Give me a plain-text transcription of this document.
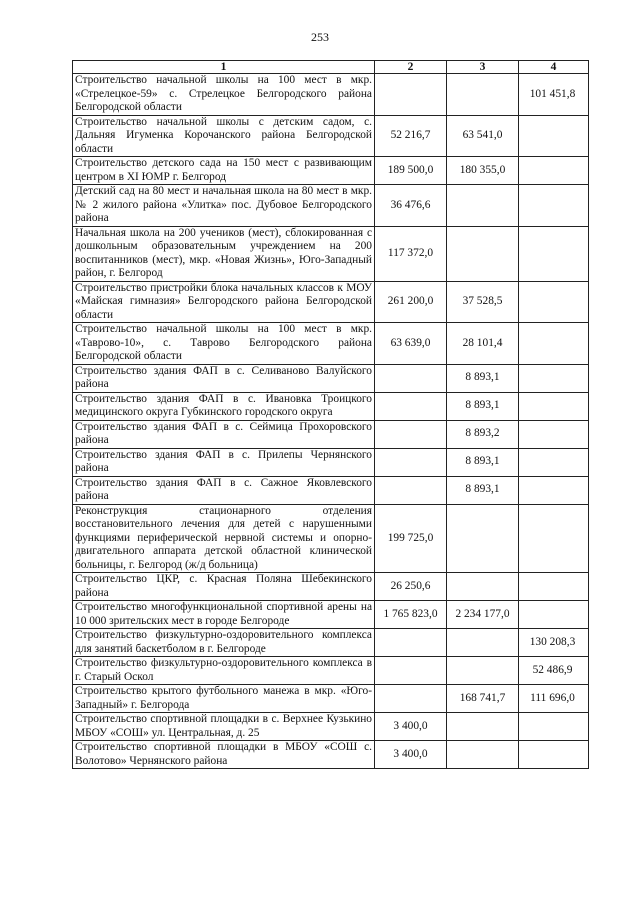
253
1	2	3	4
Строительство начальной школы на 100 мест в мкр. «Стрелецкое-59» с. Стрелецкое Белгородского района Белгородской области			101 451,8
Строительство начальной школы с детским садом, с. Дальняя Игуменка Корочанского района Белгородской области	52 216,7	63 541,0	
Строительство детского сада на 150 мест с развивающим центром в XI ЮМР г. Белгород	189 500,0	180 355,0	
Детский сад на 80 мест и начальная школа на 80 мест в мкр. № 2 жилого района «Улитка» пос. Дубовое Белгородского района	36 476,6		
Начальная школа на 200 учеников (мест), сблокированная с дошкольным образовательным учреждением на 200 воспитанников (мест), мкр. «Новая Жизнь», Юго-Западный район, г. Белгород	117 372,0		
Строительство пристройки блока начальных классов к МОУ «Майская гимназия» Белгородского района Белгородской области	261 200,0	37 528,5	
Строительство начальной школы на 100 мест в мкр. «Таврово-10», с. Таврово Белгородского района Белгородской области	63 639,0	28 101,4	
Строительство здания ФАП в с. Селиваново Валуйского района		8 893,1	
Строительство здания ФАП в с. Ивановка Троицкого медицинского округа Губкинского городского округа		8 893,1	
Строительство здания ФАП в с. Сеймица Прохоровского района		8 893,2	
Строительство здания ФАП в с. Прилепы Чернянского района		8 893,1	
Строительство здания ФАП в с. Сажное Яковлевского района		8 893,1	
Реконструкция стационарного отделения восстановительного лечения для детей с нарушенными функциями периферической нервной системы и опорно-двигательного аппарата детской областной клинической больницы, г. Белгород (ж/д больница)	199 725,0		
Строительство ЦКР, с. Красная Поляна Шебекинского района	26 250,6		
Строительство многофункциональной спортивной арены на 10 000 зрительских мест в городе Белгороде	1 765 823,0	2 234 177,0	
Строительство физкультурно-оздоровительного комплекса для занятий баскетболом в г. Белгороде			130 208,3
Строительство физкультурно-оздоровительного комплекса в г. Старый Оскол			52 486,9
Строительство крытого футбольного манежа в мкр. «Юго-Западный» г. Белгорода		168 741,7	111 696,0
Строительство спортивной площадки в с. Верхнее Кузькино МБОУ «СОШ» ул. Центральная, д. 25	3 400,0		
Строительство спортивной площадки в МБОУ «СОШ с. Волотово» Чернянского района	3 400,0		
